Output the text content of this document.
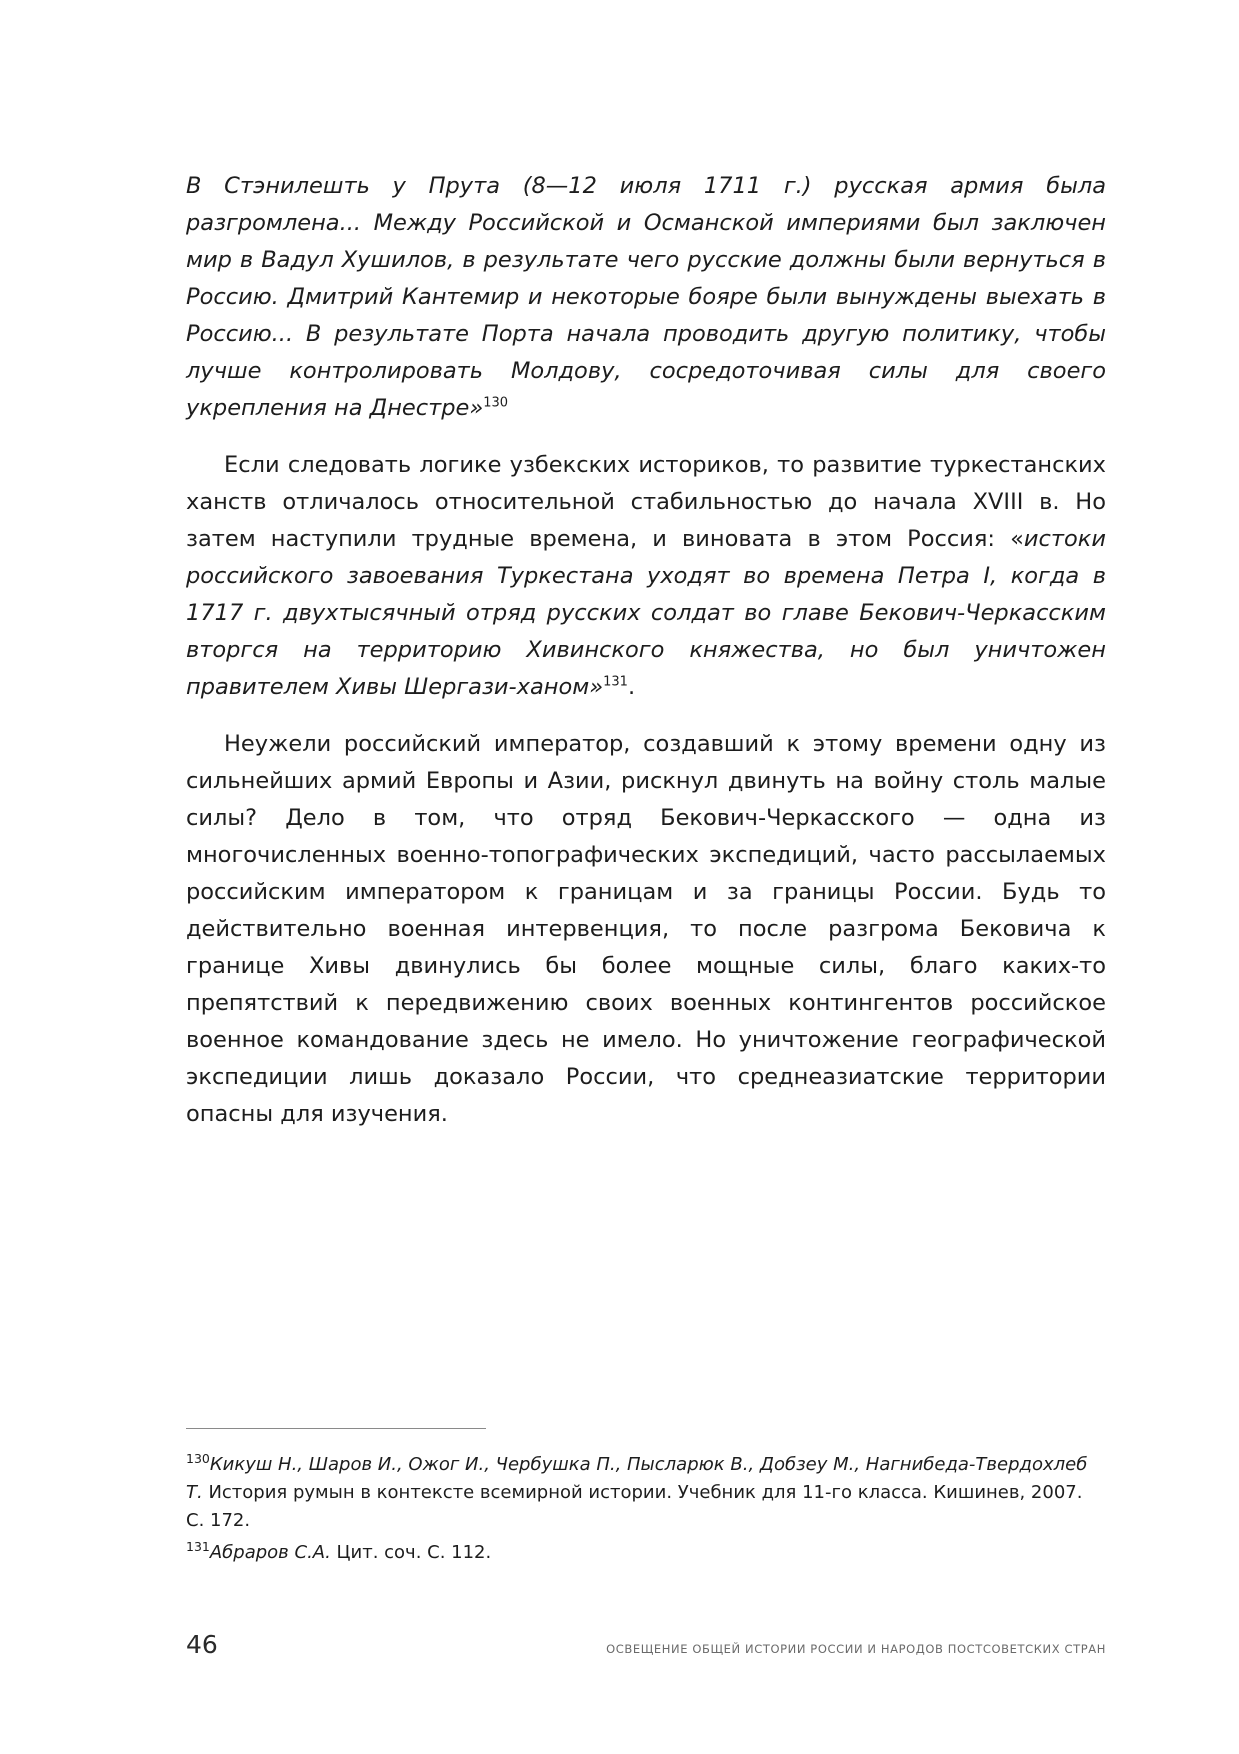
В Стэнилешть у Прута (8—12 июля 1711 г.) русская армия была разгромлена... Между Российской и Османской империями был заключен мир в Вадул Хушилов, в результате чего русские должны были вернуться в Россию. Дмитрий Кантемир и некоторые бояре были вынуждены выехать в Россию... В результате Порта начала проводить другую политику, чтобы лучше контролировать Молдову, сосредоточивая силы для своего укрепления на Днестре»$^{130}$

Если следовать логике узбекских историков, то развитие туркестанских ханств отличалось относительной стабильностью до начала XVIII в. Но затем наступили трудные времена, и виновата в этом Россия: «истоки российского завоевания Туркестана уходят во времена Петра I, когда в 1717 г. двухтысячный отряд русских солдат во главе Бекович-Черкасским вторгся на территорию Хивинского княжества, но был уничтожен правителем Хивы Шергази-ханом»$^{131}$.

Неужели российский император, создавший к этому времени одну из сильнейших армий Европы и Азии, рискнул двинуть на войну столь малые силы? Дело в том, что отряд Бекович-Черкасского — одна из многочисленных военно-топографических экспедиций, часто рассылаемых российским императором к границам и за границы России. Будь то действительно военная интервенция, то после разгрома Бековича к границе Хивы двинулись бы более мощные силы, благо каких-то препятствий к передвижению своих военных контингентов российское военное командование здесь не имело. Но уничтожение географической экспедиции лишь доказало России, что среднеазиатские территории опасны для изучения.

$^{130}$Кикуш Н., Шаров И., Ожог И., Чербушка П., Пысларюк В., Добзеу М., Нагнибеда-Твердохлеб Т. История румын в контексте всемирной истории. Учебник для 11-го класса. Кишинев, 2007. С. 172.

$^{131}$Абраров С.А. Цит. соч. С. 112.

46	ОСВЕЩЕНИЕ ОБЩЕЙ ИСТОРИИ РОССИИ И НАРОДОВ ПОСТСОВЕТСКИХ СТРАН
